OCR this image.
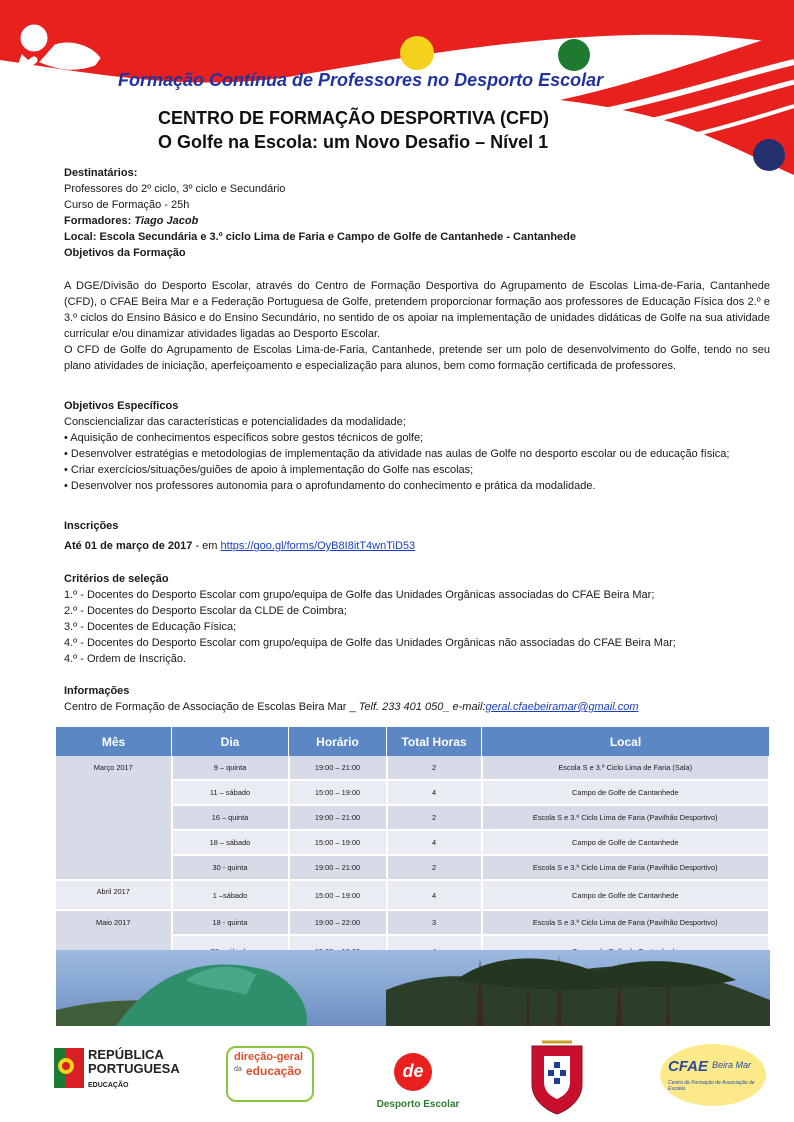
Formação Contínua de Professores no Desporto Escolar
CENTRO DE FORMAÇÃO DESPORTIVA (CFD)
O Golfe na Escola: um Novo Desafio – Nível 1
Destinatários:
Professores do 2º ciclo, 3º ciclo e Secundário
Curso de Formação - 25h
Formadores: Tiago Jacob
Local: Escola Secundária e 3.º ciclo Lima de Faria e Campo de Golfe de Cantanhede - Cantanhede
Objetivos da Formação
A DGE/Divisão do Desporto Escolar, através do Centro de Formação Desportiva do Agrupamento de Escolas Lima-de-Faria, Cantanhede (CFD), o CFAE Beira Mar e a Federação Portuguesa de Golfe, pretendem proporcionar formação aos professores de Educação Física dos 2.º e 3.º ciclos do Ensino Básico e do Ensino Secundário, no sentido de os apoiar na implementação de unidades didáticas de Golfe na sua atividade curricular e/ou dinamizar atividades ligadas ao Desporto Escolar.
O CFD de Golfe do Agrupamento de Escolas Lima-de-Faria, Cantanhede, pretende ser um polo de desenvolvimento do Golfe, tendo no seu plano atividades de iniciação, aperfeiçoamento e especialização para alunos, bem como formação certificada de professores.
Objetivos Específicos
Consciencializar das características e potencialidades da modalidade;
• Aquisição de conhecimentos específicos sobre gestos técnicos de golfe;
• Desenvolver estratégias e metodologias de implementação da atividade nas aulas de Golfe no desporto escolar ou de educação física;
• Criar exercícios/situações/guiões de apoio à implementação do Golfe nas escolas;
• Desenvolver nos professores autonomia para o aprofundamento do conhecimento e prática da modalidade.
Inscrições
Até 01 de março de 2017 - em https://goo.gl/forms/OyB8I8itT4wnTiD53
Critérios de seleção
1.º - Docentes do Desporto Escolar com grupo/equipa de Golfe das Unidades Orgânicas associadas do CFAE Beira Mar;
2.º - Docentes do Desporto Escolar da CLDE de Coimbra;
3.º - Docentes de Educação Física;
4.º - Docentes do Desporto Escolar com grupo/equipa de Golfe das Unidades Orgânicas não associadas do CFAE Beira Mar;
4.º - Ordem de Inscrição.
Informações
Centro de Formação de Associação de Escolas Beira Mar _ Telf. 233 401 050_ e-mail:geral.cfaebeiramar@gmail.com
Mês	Dia	Horário	Total Horas	Local
Março 2017	9 – quinta	19:00 – 21:00	2	Escola S e 3.º Ciclo Lima de Faria (Sala)
	11 – sábado	15:00 – 19:00	4	Campo de Golfe de Cantanhede
	16 – quinta	19:00 – 21:00	2	Escola S e 3.º Ciclo Lima de Faria (Pavilhão Desportivo)
	18 – sábado	15:00 – 19:00	4	Campo de Golfe de Cantanhede
	30 - quinta	19:00 – 21:00	2	Escola S e 3.º Ciclo Lima de Faria (Pavilhão Desportivo)
Abril 2017	1 –sábado	15:00 – 19:00	4	Campo de Golfe de Cantanhede
Maio 2017	18 - quinta	19:00 – 22:00	3	Escola S e 3.º Ciclo Lima de Faria (Pavilhão Desportivo)

REPÚBLICA
PORTUGUESA
EDUCAÇÃO
direção-geral
da educação	de
Desporto Escolar
CFAE Beira Mar
Centro de Formação de Associação de Escolas
